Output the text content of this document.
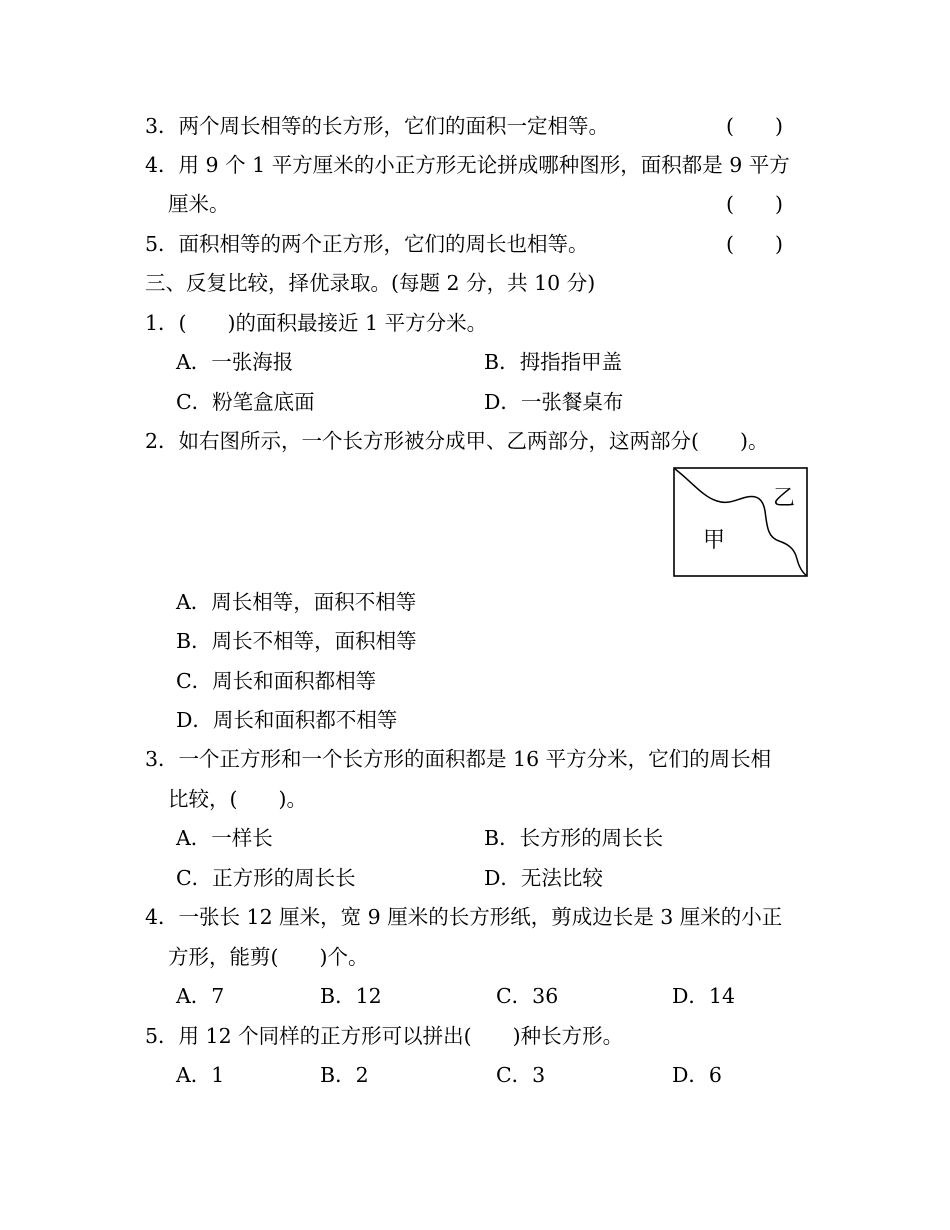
3．两个周长相等的长方形，它们的面积一定相等。	(　　)
4．用 9 个 1 平方厘米的小正方形无论拼成哪种图形，面积都是 9 平方
厘米。	(　　)
5．面积相等的两个正方形，它们的周长也相等。	(　　)
三、反复比较，择优录取。(每题 2 分，共 10 分)
1．(　　)的面积最接近 1 平方分米。
A．一张海报	B．拇指指甲盖
C．粉笔盒底面	D．一张餐桌布
2．如右图所示，一个长方形被分成甲、乙两部分，这两部分(　　)。
甲
乙
A．周长相等，面积不相等
B．周长不相等，面积相等
C．周长和面积都相等
D．周长和面积都不相等
3．一个正方形和一个长方形的面积都是 16 平方分米，它们的周长相
比较，(　　)。
A．一样长	B．长方形的周长长
C．正方形的周长长	D．无法比较
4．一张长 12 厘米，宽 9 厘米的长方形纸，剪成边长是 3 厘米的小正
方形，能剪(　　)个。
A．7	B．12	C．36	D．14
5．用 12 个同样的正方形可以拼出(　　)种长方形。
A．1	B．2	C．3	D．6
